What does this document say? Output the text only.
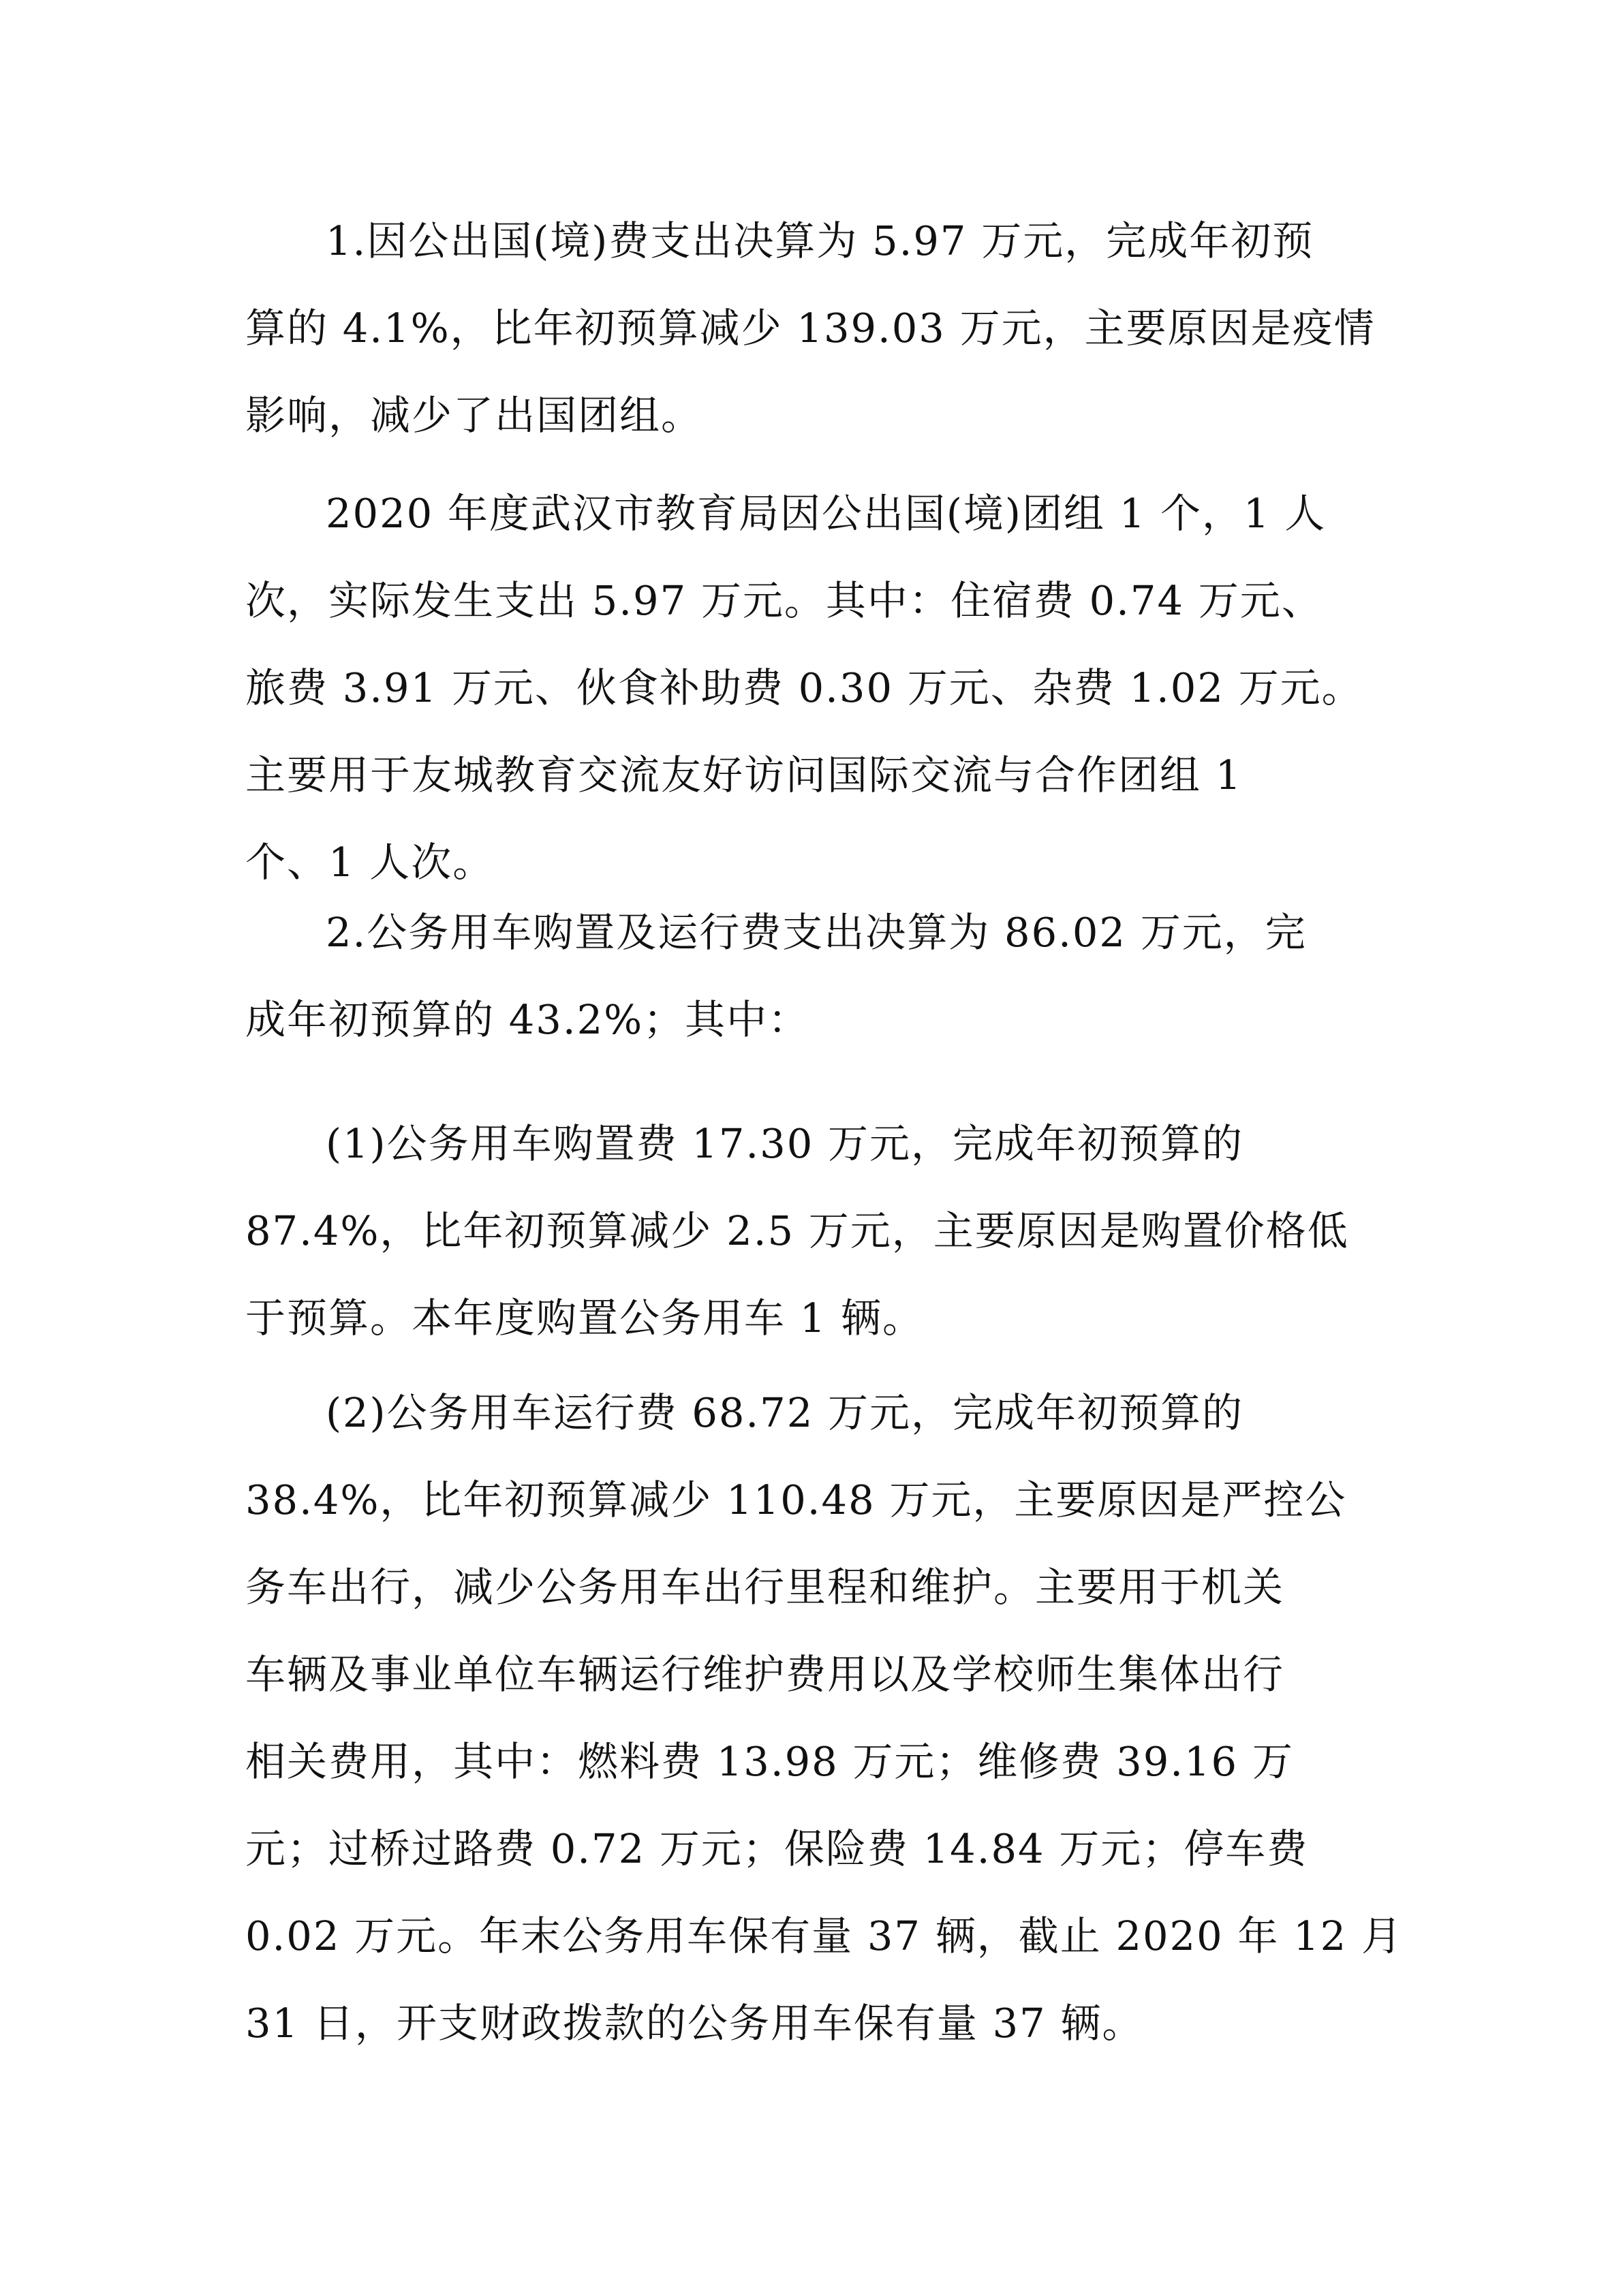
1.因公出国(境)费支出决算为 5.97 万元，完成年初预
算的 4.1%，比年初预算减少 139.03 万元，主要原因是疫情
影响，减少了出国团组。
2020 年度武汉市教育局因公出国(境)团组 1 个，1 人
次，实际发生支出 5.97 万元。其中：住宿费 0.74 万元、
旅费 3.91 万元、伙食补助费 0.30 万元、杂费 1.02 万元。
主要用于友城教育交流友好访问国际交流与合作团组 1
个、1 人次。
2.公务用车购置及运行费支出决算为 86.02 万元，完
成年初预算的 43.2%；其中：
(1)公务用车购置费 17.30 万元，完成年初预算的
87.4%，比年初预算减少 2.5 万元，主要原因是购置价格低
于预算。本年度购置公务用车 1 辆。
(2)公务用车运行费 68.72 万元，完成年初预算的
38.4%，比年初预算减少 110.48 万元，主要原因是严控公
务车出行，减少公务用车出行里程和维护。主要用于机关
车辆及事业单位车辆运行维护费用以及学校师生集体出行
相关费用，其中：燃料费 13.98 万元；维修费 39.16 万
元；过桥过路费 0.72 万元；保险费 14.84 万元；停车费
0.02 万元。年末公务用车保有量 37 辆，截止 2020 年 12 月
31 日，开支财政拨款的公务用车保有量 37 辆。
